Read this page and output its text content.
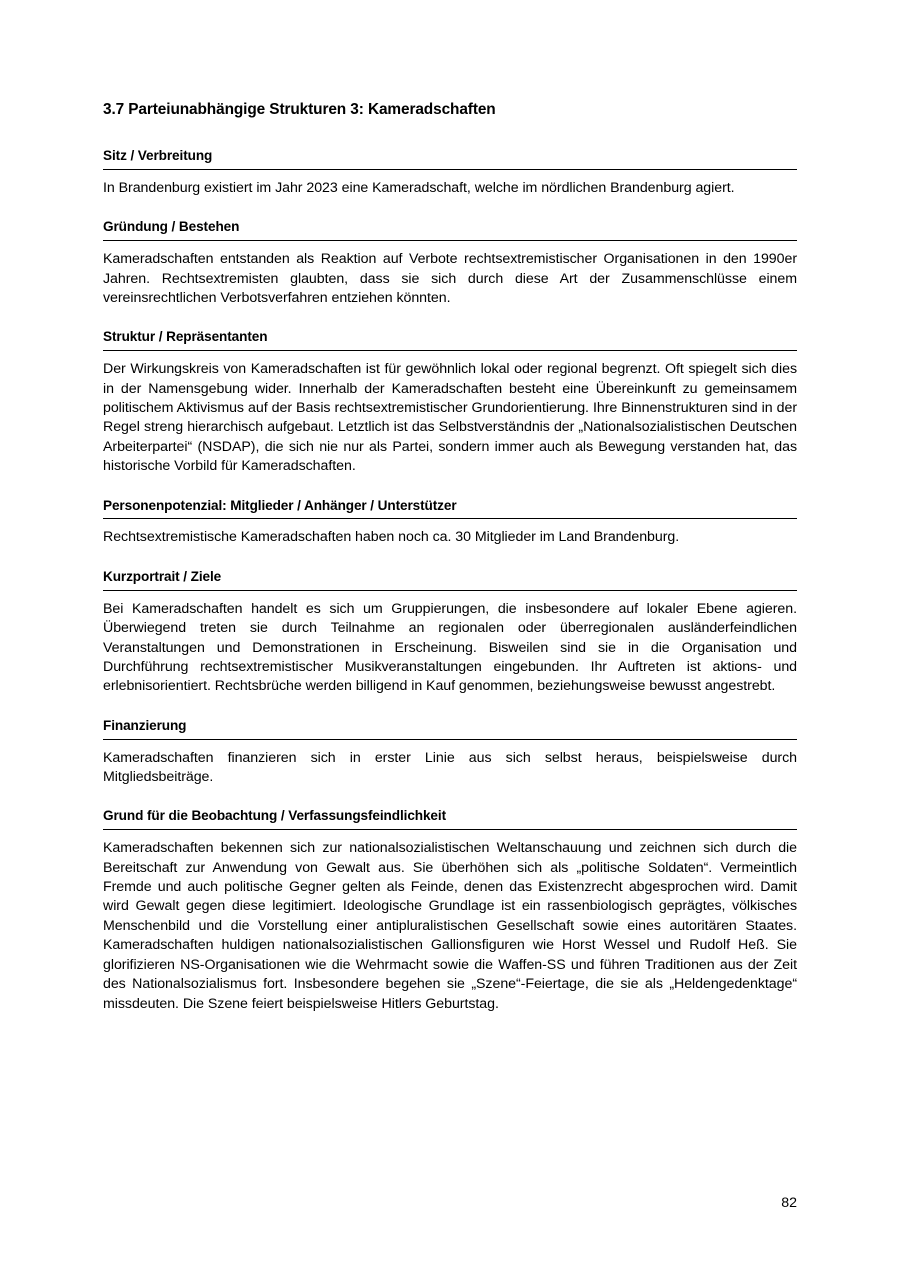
3.7 Parteiunabhängige Strukturen 3: Kameradschaften
Sitz / Verbreitung

In Brandenburg existiert im Jahr 2023 eine Kameradschaft, welche im nördlichen Brandenburg agiert.

Gründung / Bestehen

Kameradschaften entstanden als Reaktion auf Verbote rechtsextremistischer Organisationen in den 1990er Jahren. Rechtsextremisten glaubten, dass sie sich durch diese Art der Zusammenschlüsse einem vereinsrechtlichen Verbotsverfahren entziehen könnten.

Struktur / Repräsentanten

Der Wirkungskreis von Kameradschaften ist für gewöhnlich lokal oder regional begrenzt. Oft spiegelt sich dies in der Namensgebung wider. Innerhalb der Kameradschaften besteht eine Übereinkunft zu gemeinsamem politischem Aktivismus auf der Basis rechtsextremistischer Grundorientierung. Ihre Binnenstrukturen sind in der Regel streng hierarchisch aufgebaut. Letztlich ist das Selbstverständnis der „Nationalsozialistischen Deutschen Arbeiterpartei“ (NSDAP), die sich nie nur als Partei, sondern immer auch als Bewegung verstanden hat, das historische Vorbild für Kameradschaften.

Personenpotenzial: Mitglieder / Anhänger / Unterstützer

Rechtsextremistische Kameradschaften haben noch ca. 30 Mitglieder im Land Brandenburg.

Kurzportrait / Ziele

Bei Kameradschaften handelt es sich um Gruppierungen, die insbesondere auf lokaler Ebene agieren. Überwiegend treten sie durch Teilnahme an regionalen oder überregionalen ausländerfeindlichen Veranstaltungen und Demonstrationen in Erscheinung. Bisweilen sind sie in die Organisation und Durchführung rechtsextremistischer Musikveranstaltungen eingebunden. Ihr Auftreten ist aktions- und erlebnisorientiert. Rechtsbrüche werden billigend in Kauf genommen, beziehungsweise bewusst angestrebt.

Finanzierung

Kameradschaften finanzieren sich in erster Linie aus sich selbst heraus, beispielsweise durch Mitgliedsbeiträge.

Grund für die Beobachtung / Verfassungsfeindlichkeit

Kameradschaften bekennen sich zur nationalsozialistischen Weltanschauung und zeichnen sich durch die Bereitschaft zur Anwendung von Gewalt aus. Sie überhöhen sich als „politische Soldaten“. Vermeintlich Fremde und auch politische Gegner gelten als Feinde, denen das Existenzrecht abgesprochen wird. Damit wird Gewalt gegen diese legitimiert. Ideologische Grundlage ist ein rassenbiologisch geprägtes, völkisches Menschenbild und die Vorstellung einer antipluralistischen Gesellschaft sowie eines autoritären Staates. Kameradschaften huldigen nationalsozialistischen Gallionsfiguren wie Horst Wessel und Rudolf Heß. Sie glorifizieren NS-Organisationen wie die Wehrmacht sowie die Waffen-SS und führen Traditionen aus der Zeit des Nationalsozialismus fort. Insbesondere begehen sie „Szene“-Feiertage, die sie als „Heldengedenktage“ missdeuten. Die Szene feiert beispielsweise Hitlers Geburtstag.

82
